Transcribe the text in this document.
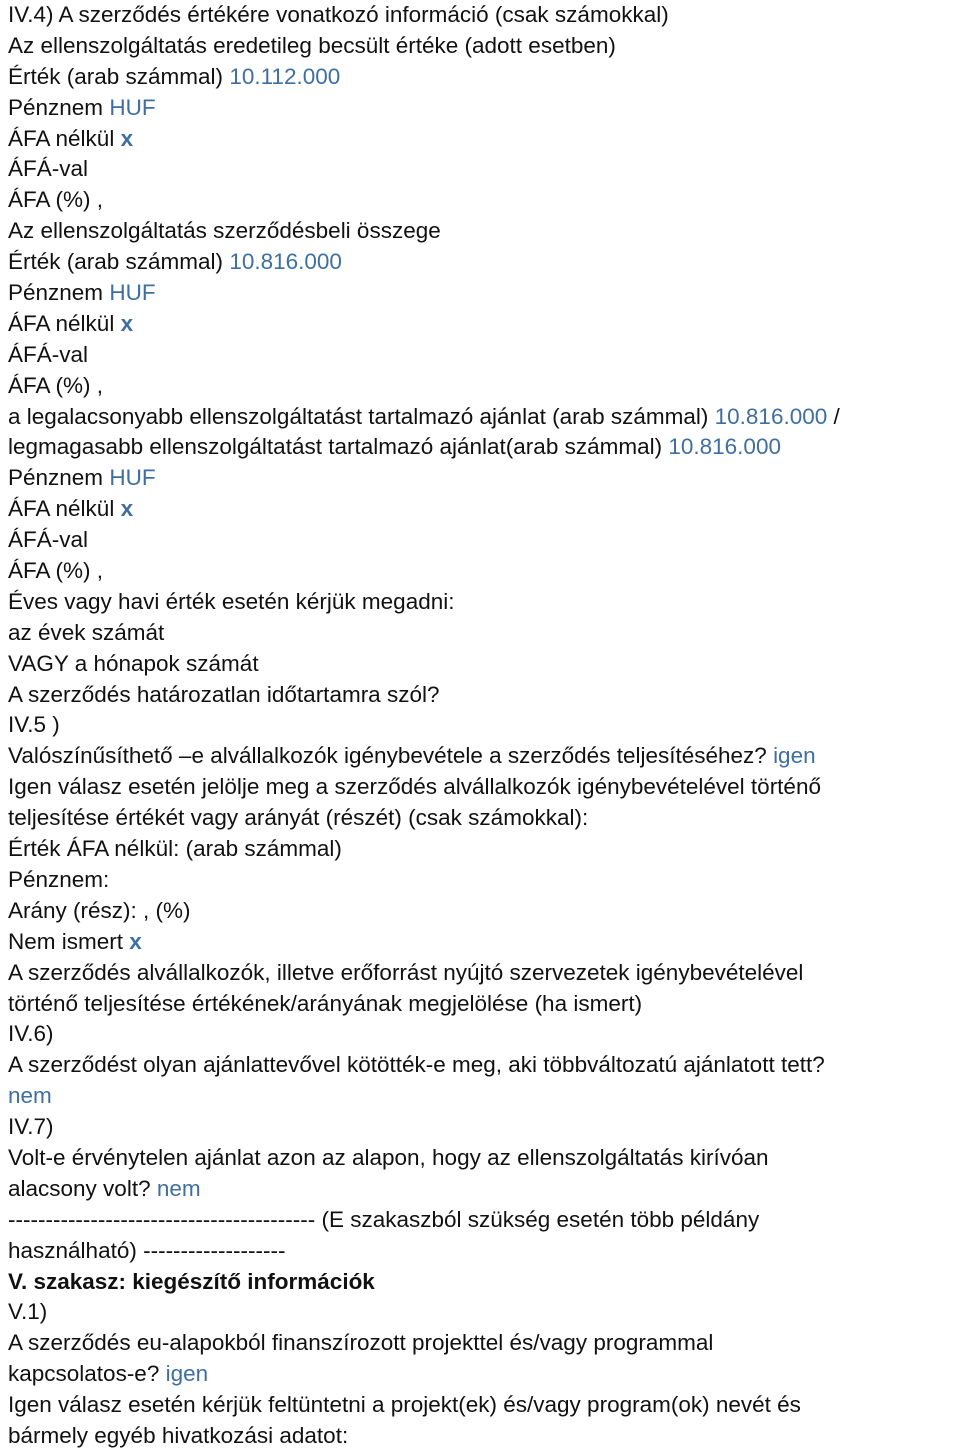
IV.4) A szerződés értékére vonatkozó információ (csak számokkal)
Az ellenszolgáltatás eredetileg becsült értéke (adott esetben)
Érték (arab számmal) 10.112.000
Pénznem HUF
ÁFA nélkül x
ÁFÁ-val
ÁFA (%) ,
Az ellenszolgáltatás szerződésbeli összege
Érték (arab számmal) 10.816.000
Pénznem HUF
ÁFA nélkül x
ÁFÁ-val
ÁFA (%) ,
a legalacsonyabb ellenszolgáltatást tartalmazó ajánlat (arab számmal) 10.816.000 /
legmagasabb ellenszolgáltatást tartalmazó ajánlat(arab számmal) 10.816.000
Pénznem HUF
ÁFA nélkül x
ÁFÁ-val
ÁFA (%) ,
Éves vagy havi érték esetén kérjük megadni:
az évek számát
VAGY a hónapok számát
A szerződés határozatlan időtartamra szól?
IV.5 )
Valószínűsíthető –e alvállalkozók igénybevétele a szerződés teljesítéséhez? igen
Igen válasz esetén jelölje meg a szerződés alvállalkozók igénybevételével történő
teljesítése értékét vagy arányát (részét) (csak számokkal):
Érték ÁFA nélkül: (arab számmal)
Pénznem:
Arány (rész): , (%)
Nem ismert x
A szerződés alvállalkozók, illetve erőforrást nyújtó szervezetek igénybevételével
történő teljesítése értékének/arányának megjelölése (ha ismert)
IV.6)
A szerződést olyan ajánlattevővel kötötték-e meg, aki többváltozatú ajánlatott tett?
nem
IV.7)
Volt-e érvénytelen ajánlat azon az alapon, hogy az ellenszolgáltatás kirívóan
alacsony volt? nem
----------------------------------------- (E szakaszból szükség esetén több példány
használható) -------------------
V. szakasz: kiegészítő információk
V.1)
A szerződés eu-alapokból finanszírozott projekttel és/vagy programmal
kapcsolatos-e? igen
Igen válasz esetén kérjük feltüntetni a projekt(ek) és/vagy program(ok) nevét és
bármely egyéb hivatkozási adatot:
